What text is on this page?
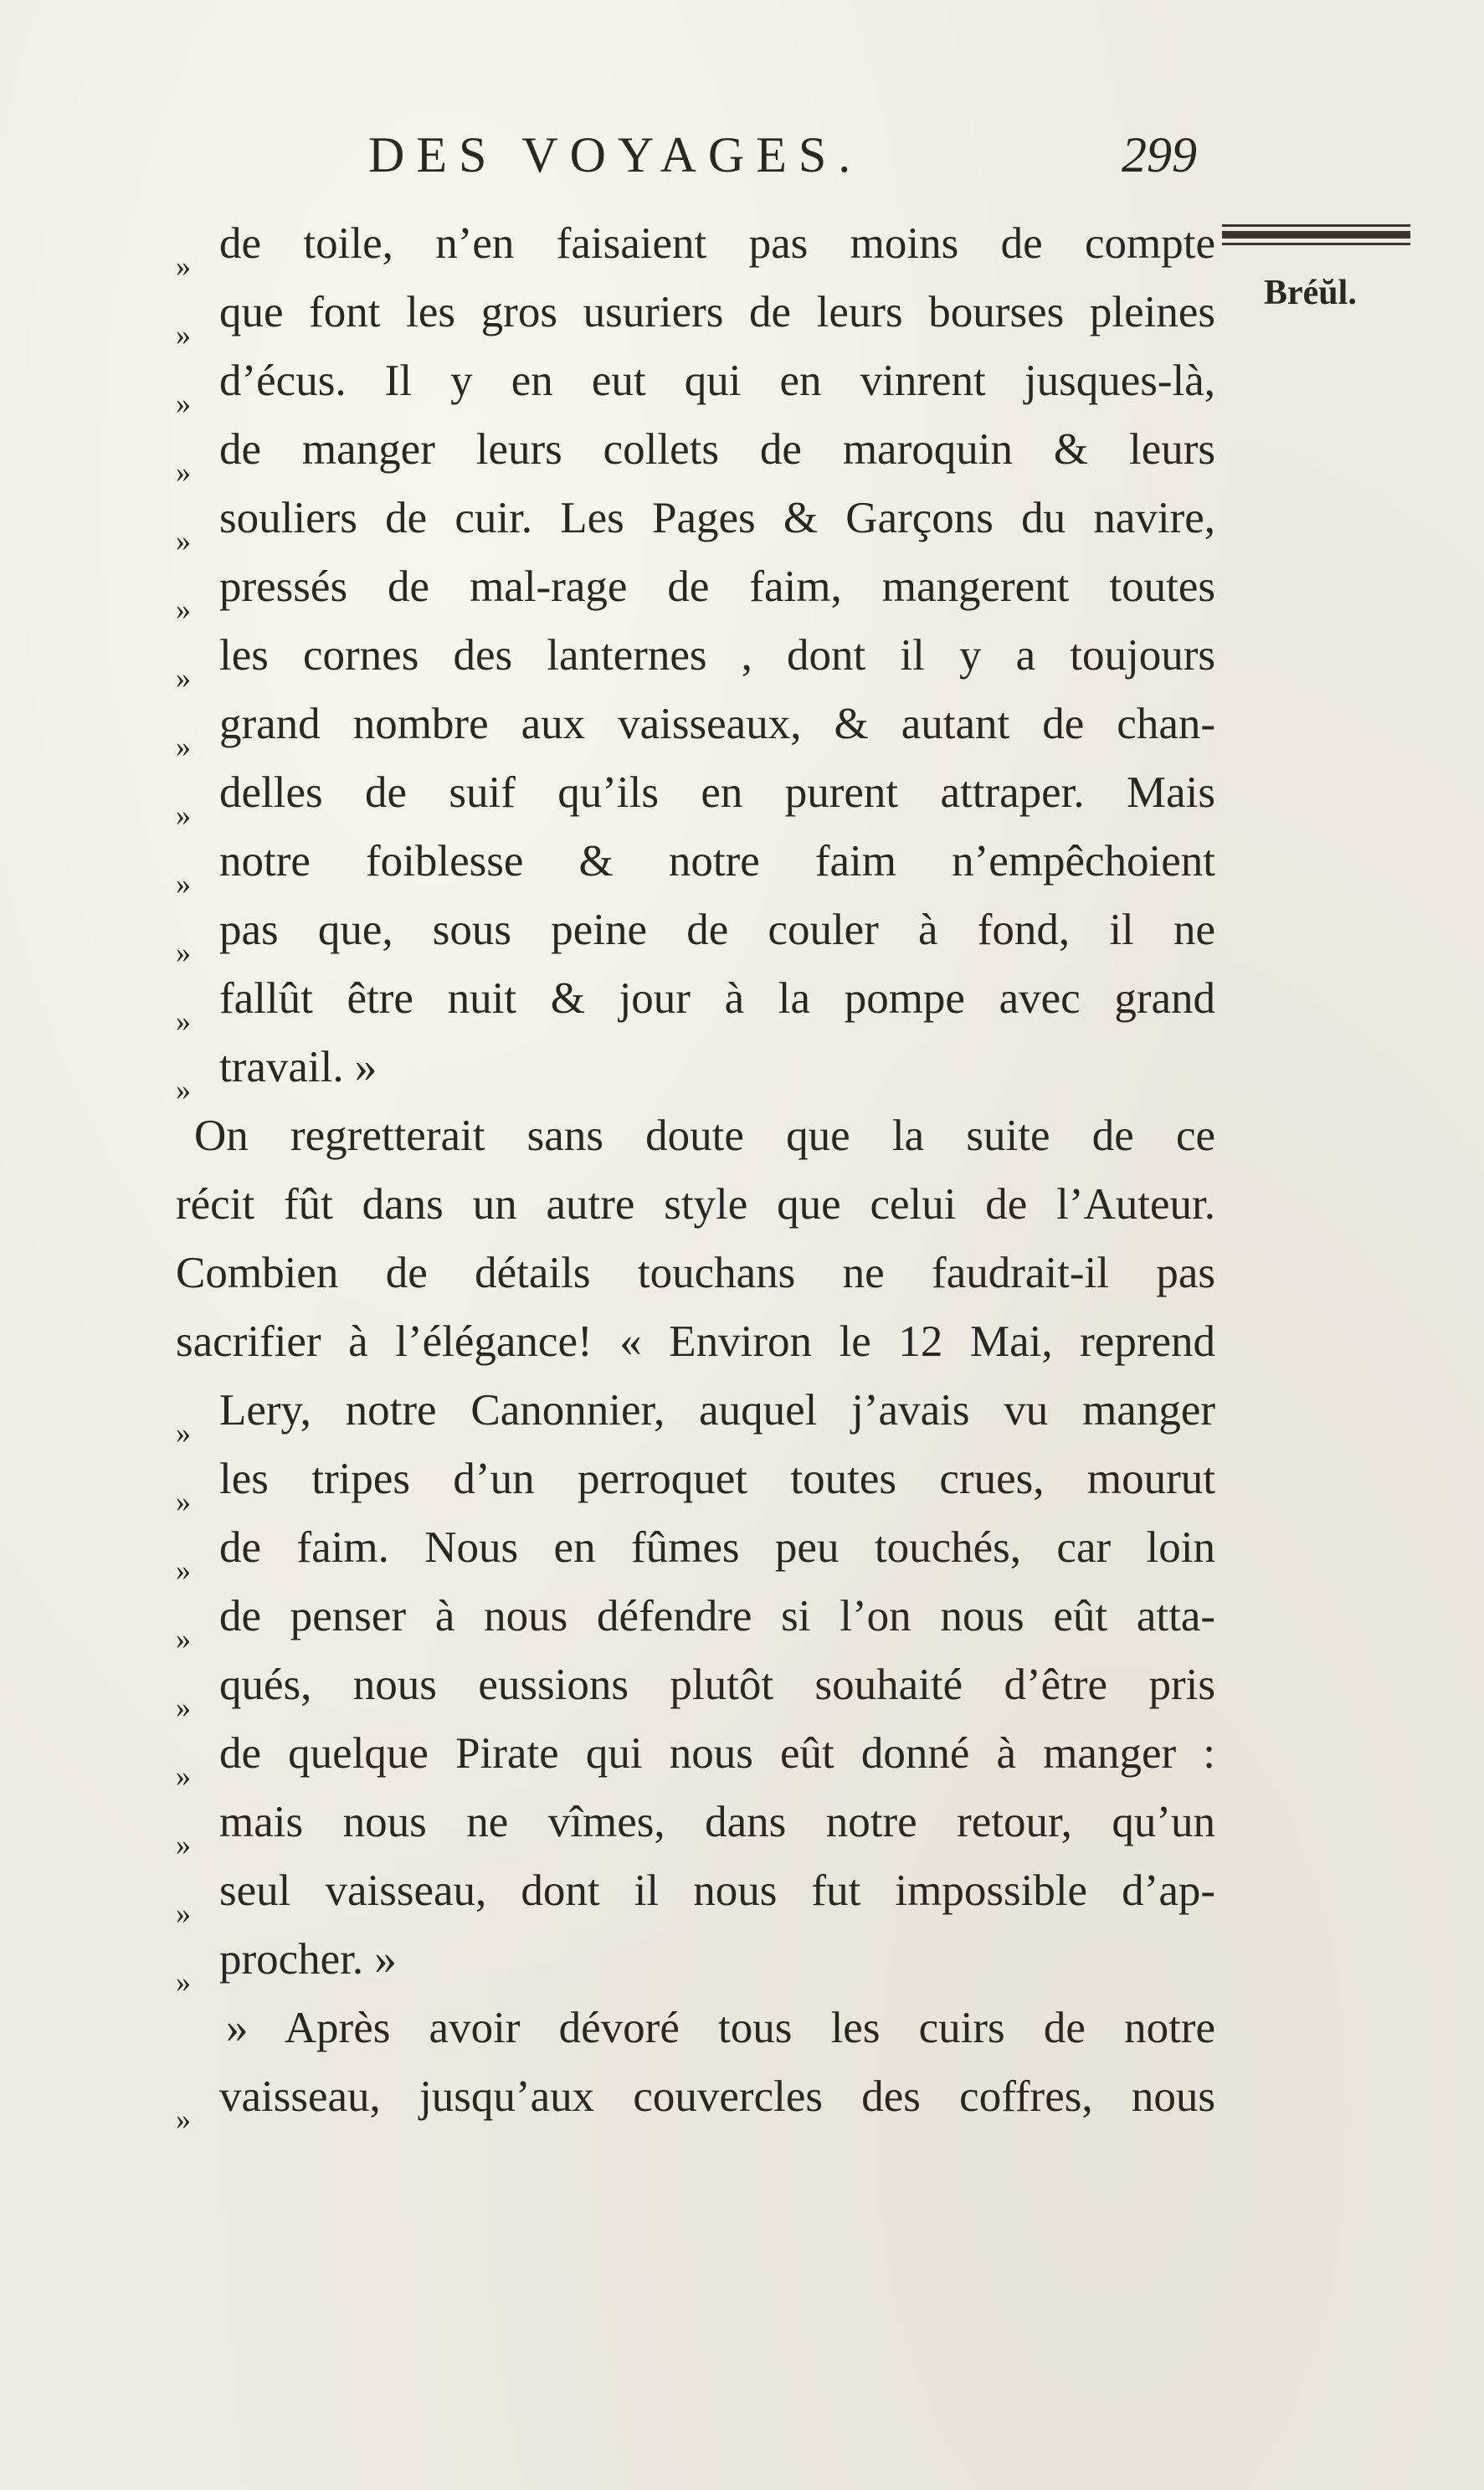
DES VOYAGES.	299
Bréŭl.
» de toile, n’en faisaient pas moins de compte
» que font les gros usuriers de leurs bourses pleines
» d’écus. Il y en eut qui en vinrent jusques-là,
» de manger leurs collets de maroquin & leurs
» souliers de cuir. Les Pages & Garçons du navire,
» pressés de mal-rage de faim, mangerent toutes
» les cornes des lanternes , dont il y a toujours
» grand nombre aux vaisseaux, & autant de chan-
» delles de suif qu’ils en purent attraper. Mais
» notre foiblesse & notre faim n’empêchoient
» pas que, sous peine de couler à fond, il ne
» fallût être nuit & jour à la pompe avec grand
» travail. »
On regretterait sans doute que la suite de ce
récit fût dans un autre style que celui de l’Auteur.
Combien de détails touchans ne faudrait-il pas
sacrifier à l’élégance! « Environ le 12 Mai, reprend
» Lery, notre Canonnier, auquel j’avais vu manger
» les tripes d’un perroquet toutes crues, mourut
» de faim. Nous en fûmes peu touchés, car loin
» de penser à nous défendre si l’on nous eût atta-
» qués, nous eussions plutôt souhaité d’être pris
» de quelque Pirate qui nous eût donné à manger :
» mais nous ne vîmes, dans notre retour, qu’un
» seul vaisseau, dont il nous fut impossible d’ap-
» procher. »
» Après avoir dévoré tous les cuirs de notre
» vaisseau, jusqu’aux couvercles des coffres, nous
